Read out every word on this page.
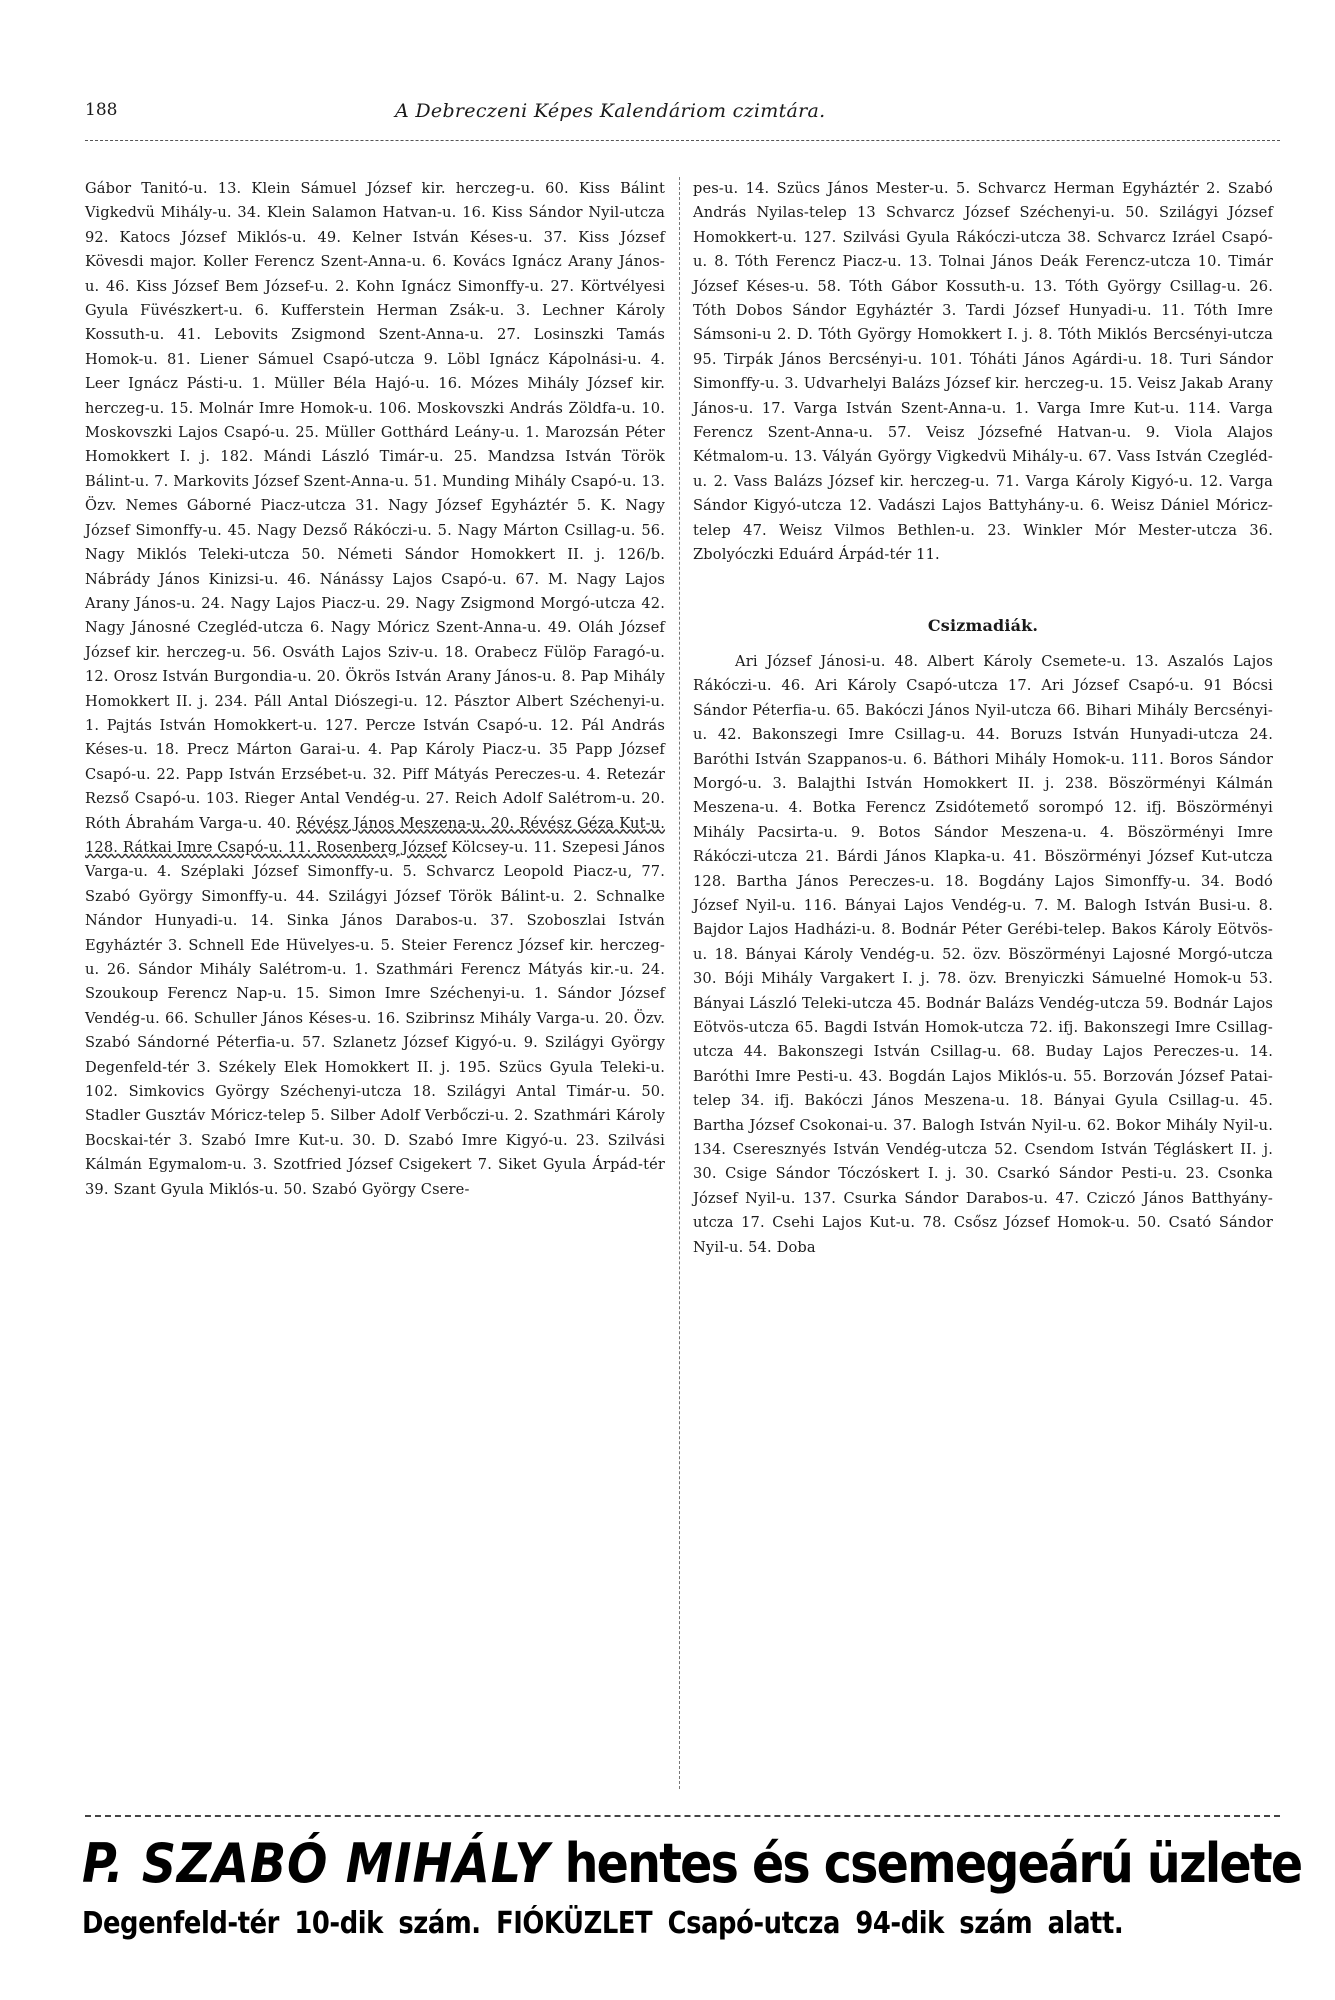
188	A Debreczeni Képes Kalendáriom czimtára.

Gábor Tanitó-u. 13. Klein Sámuel József kir. herczeg-u. 60. Kiss Bálint Vigkedvü Mihály-u. 34. Klein Salamon Hatvan-u. 16. Kiss Sándor Nyil-utcza 92. Katocs József Miklós-u. 49. Kelner István Késes-u. 37. Kiss József Kövesdi major. Koller Ferencz Szent-Anna-u. 6. Kovács Ignácz Arany János-u. 46. Kiss József Bem József-u. 2. Kohn Ignácz Simonffy-u. 27. Körtvélyesi Gyula Füvészkert-u. 6. Kufferstein Herman Zsák-u. 3. Lechner Károly Kossuth-u. 41. Lebovits Zsigmond Szent-Anna-u. 27. Losinszki Tamás Homok-u. 81. Liener Sámuel Csapó-utcza 9. Löbl Ignácz Kápolnási-u. 4. Leer Ignácz Pásti-u. 1. Müller Béla Hajó-u. 16. Mózes Mihály József kir. herczeg-u. 15. Molnár Imre Homok-u. 106. Moskovszki András Zöldfa-u. 10. Moskovszki Lajos Csapó-u. 25. Müller Gotthárd Leány-u. 1. Marozsán Péter Homokkert I. j. 182. Mándi László Timár-u. 25. Mandzsa István Török Bálint-u. 7. Markovits József Szent-Anna-u. 51. Munding Mihály Csapó-u. 13. Özv. Nemes Gáborné Piacz-utcza 31. Nagy József Egyháztér 5. K. Nagy József Simonffy-u. 45. Nagy Dezső Rákóczi-u. 5. Nagy Márton Csillag-u. 56. Nagy Miklós Teleki-utcza 50. Németi Sándor Homokkert II. j. 126/b. Nábrády János Kinizsi-u. 46. Nánássy Lajos Csapó-u. 67. M. Nagy Lajos Arany János-u. 24. Nagy Lajos Piacz-u. 29. Nagy Zsigmond Morgó-utcza 42. Nagy Jánosné Czegléd-utcza 6. Nagy Móricz Szent-Anna-u. 49. Oláh József József kir. herczeg-u. 56. Osváth Lajos Sziv-u. 18. Orabecz Fülöp Faragó-u. 12. Orosz István Burgondia-u. 20. Ökrös István Arany János-u. 8. Pap Mihály Homokkert II. j. 234. Páll Antal Diószegi-u. 12. Pásztor Albert Széchenyi-u. 1. Pajtás István Homokkert-u. 127. Percze István Csapó-u. 12. Pál András Késes-u. 18. Precz Márton Garai-u. 4. Pap Károly Piacz-u. 35 Papp József Csapó-u. 22. Papp István Erzsébet-u. 32. Piff Mátyás Pereczes-u. 4. Retezár Rezső Csapó-u. 103. Rieger Antal Vendég-u. 27. Reich Adolf Salétrom-u. 20. Róth Ábrahám Varga-u. 40. Révész János Meszena-u. 20. Révész Géza Kut-u. 128. Rátkai Imre Csapó-u. 11. Rosenberg József Kölcsey-u. 11. Szepesi János Varga-u. 4. Széplaki József Simonffy-u. 5. Schvarcz Leopold Piacz-u, 77. Szabó György Simonffy-u. 44. Szilágyi József Török Bálint-u. 2. Schnalke Nándor Hunyadi-u. 14. Sinka János Darabos-u. 37. Szoboszlai István Egyháztér 3. Schnell Ede Hüvelyes-u. 5. Steier Ferencz József kir. herczeg-u. 26. Sándor Mihály Salétrom-u. 1. Szathmári Ferencz Mátyás kir.-u. 24. Szoukoup Ferencz Nap-u. 15. Simon Imre Széchenyi-u. 1. Sándor József Vendég-u. 66. Schuller János Késes-u. 16. Szibrinsz Mihály Varga-u. 20. Özv. Szabó Sándorné Péterfia-u. 57. Szlanetz József Kigyó-u. 9. Szilágyi György Degenfeld-tér 3. Székely Elek Homokkert II. j. 195. Szücs Gyula Teleki-u. 102. Simkovics György Széchenyi-utcza 18. Szilágyi Antal Timár-u. 50. Stadler Gusztáv Móricz-telep 5. Silber Adolf Verbőczi-u. 2. Szathmári Károly Bocskai-tér 3. Szabó Imre Kut-u. 30. D. Szabó Imre Kigyó-u. 23. Szilvási Kálmán Egymalom-u. 3. Szotfried József Csigekert 7. Siket Gyula Árpád-tér 39. Szant Gyula Miklós-u. 50. Szabó György Csere-

pes-u. 14. Szücs János Mester-u. 5. Schvarcz Herman Egyháztér 2. Szabó András Nyilas-telep 13 Schvarcz József Széchenyi-u. 50. Szilágyi József Homokkert-u. 127. Szilvási Gyula Rákóczi-utcza 38. Schvarcz Izráel Csapó-u. 8. Tóth Ferencz Piacz-u. 13. Tolnai János Deák Ferencz-utcza 10. Timár József Késes-u. 58. Tóth Gábor Kossuth-u. 13. Tóth György Csillag-u. 26. Tóth Dobos Sándor Egyháztér 3. Tardi József Hunyadi-u. 11. Tóth Imre Sámsoni-u 2. D. Tóth György Homokkert I. j. 8. Tóth Miklós Bercsényi-utcza 95. Tirpák János Bercsényi-u. 101. Tóháti János Agárdi-u. 18. Turi Sándor Simonffy-u. 3. Udvarhelyi Balázs József kir. herczeg-u. 15. Veisz Jakab Arany János-u. 17. Varga István Szent-Anna-u. 1. Varga Imre Kut-u. 114. Varga Ferencz Szent-Anna-u. 57. Veisz Józsefné Hatvan-u. 9. Viola Alajos Kétmalom-u. 13. Vályán György Vigkedvü Mihály-u. 67. Vass István Czegléd-u. 2. Vass Balázs József kir. herczeg-u. 71. Varga Károly Kigyó-u. 12. Varga Sándor Kigyó-utcza 12. Vadászi Lajos Battyhány-u. 6. Weisz Dániel Móricz-telep 47. Weisz Vilmos Bethlen-u. 23. Winkler Mór Mester-utcza 36. Zbolyóczki Eduárd Árpád-tér 11.

Csizmadiák.

Ari József Jánosi-u. 48. Albert Károly Csemete-u. 13. Aszalós Lajos Rákóczi-u. 46. Ari Károly Csapó-utcza 17. Ari József Csapó-u. 91 Bócsi Sándor Péterfia-u. 65. Bakóczi János Nyil-utcza 66. Bihari Mihály Bercsényi-u. 42. Bakonszegi Imre Csillag-u. 44. Boruzs István Hunyadi-utcza 24. Baróthi István Szappanos-u. 6. Báthori Mihály Homok-u. 111. Boros Sándor Morgó-u. 3. Balajthi István Homokkert II. j. 238. Böszörményi Kálmán Meszena-u. 4. Botka Ferencz Zsidótemető sorompó 12. ifj. Böszörményi Mihály Pacsirta-u. 9. Botos Sándor Meszena-u. 4. Böszörményi Imre Rákóczi-utcza 21. Bárdi János Klapka-u. 41. Böszörményi József Kut-utcza 128. Bartha János Pereczes-u. 18. Bogdány Lajos Simonffy-u. 34. Bodó József Nyil-u. 116. Bányai Lajos Vendég-u. 7. M. Balogh István Busi-u. 8. Bajdor Lajos Hadházi-u. 8. Bodnár Péter Gerébi-telep. Bakos Károly Eötvös-u. 18. Bányai Károly Vendég-u. 52. özv. Böszörményi Lajosné Morgó-utcza 30. Bóji Mihály Vargakert I. j. 78. özv. Brenyiczki Sámuelné Homok-u 53. Bányai László Teleki-utcza 45. Bodnár Balázs Vendég-utcza 59. Bodnár Lajos Eötvös-utcza 65. Bagdi István Homok-utcza 72. ifj. Bakonszegi Imre Csillag-utcza 44. Bakonszegi István Csillag-u. 68. Buday Lajos Pereczes-u. 14. Baróthi Imre Pesti-u. 43. Bogdán Lajos Miklós-u. 55. Borzován József Patai-telep 34. ifj. Bakóczi János Meszena-u. 18. Bányai Gyula Csillag-u. 45. Bartha József Csokonai-u. 37. Balogh István Nyil-u. 62. Bokor Mihály Nyil-u. 134. Cseresznyés István Vendég-utcza 52. Csendom István Tégláskert II. j. 30. Csige Sándor Tóczóskert I. j. 30. Csarkó Sándor Pesti-u. 23. Csonka József Nyil-u. 137. Csurka Sándor Darabos-u. 47. Cziczó János Batthyány-utcza 17. Csehi Lajos Kut-u. 78. Csősz József Homok-u. 50. Csató Sándor Nyil-u. 54. Doba

P. SZABÓ MIHÁLY hentes és csemegeárú üzlete
Degenfeld-tér 10-dik szám. FIÓKÜZLET Csapó-utcza 94-dik szám alatt.
